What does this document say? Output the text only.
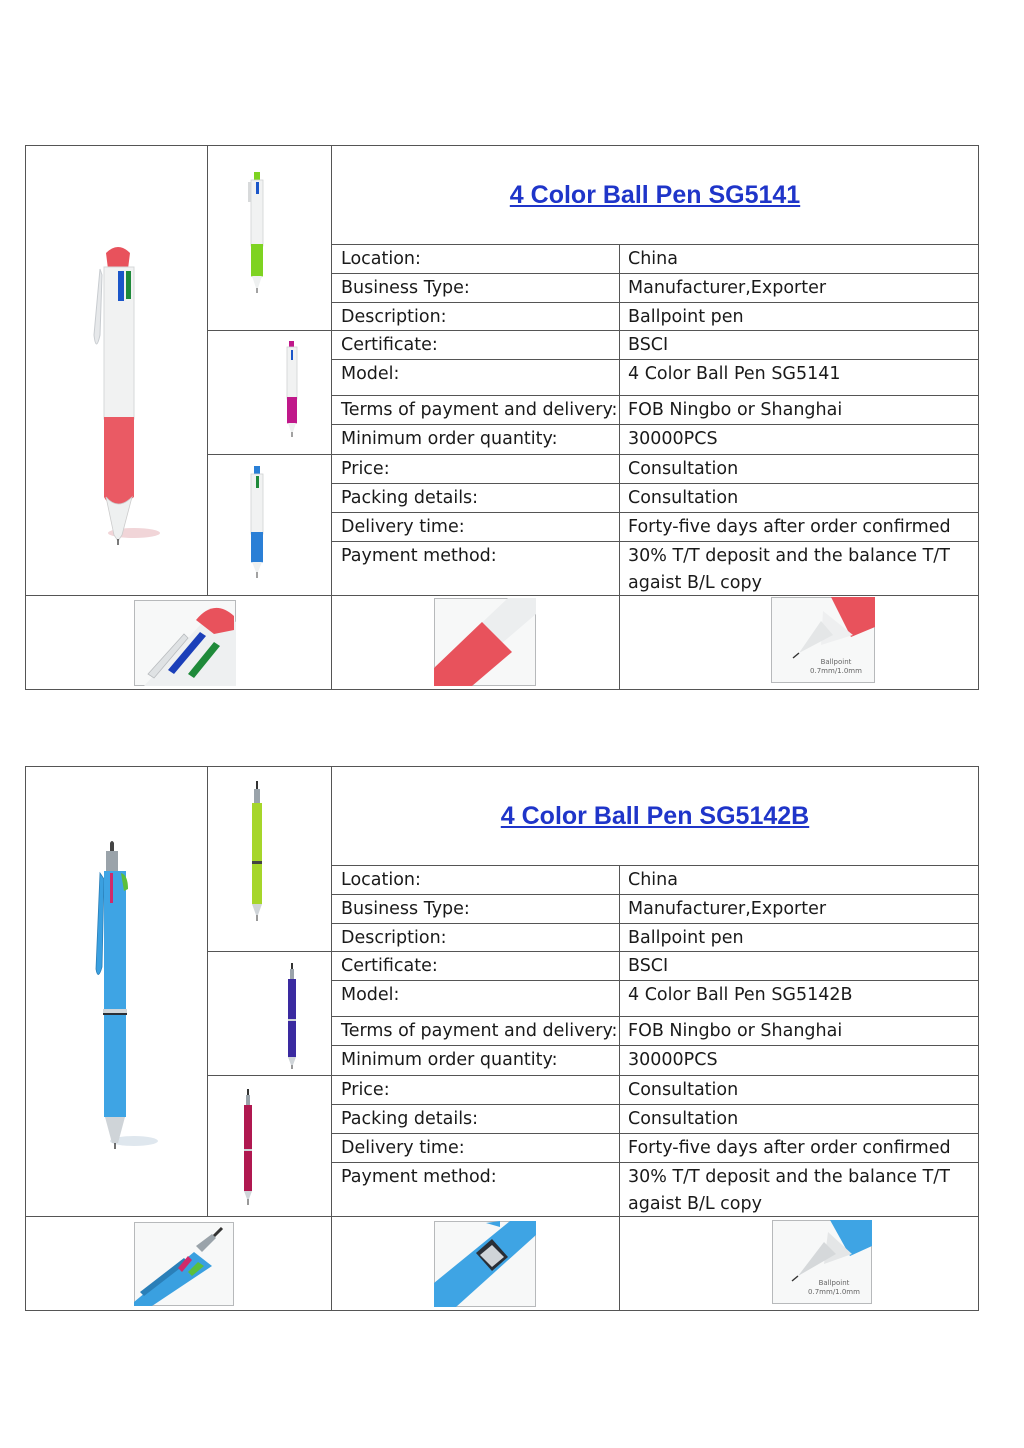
4 Color Ball Pen SG5141
Location:	China
Business Type:	Manufacturer,Exporter
Description:	Ballpoint pen
Certificate:	BSCI
Model:	4 Color Ball Pen SG5141
Terms of payment and delivery: FOB Ningbo or Shanghai
Minimum order quantity:	30000PCS
Price:	Consultation
Packing details:	Consultation
Delivery time:	Forty-five days after order confirmed
Payment method:	30% T/T deposit and the balance T/T agaist B/L copy
Ballpoint
0.7mm/1.0mm
4 Color Ball Pen SG5142B
Location:	China
Business Type:	Manufacturer,Exporter
Description:	Ballpoint pen
Certificate:	BSCI
Model:	4 Color Ball Pen SG5142B
Terms of payment and delivery: FOB Ningbo or Shanghai
Minimum order quantity:	30000PCS
Price:	Consultation
Packing details:	Consultation
Delivery time:	Forty-five days after order confirmed
Payment method:	30% T/T deposit and the balance T/T agaist B/L copy
Ballpoint
0.7mm/1.0mm
